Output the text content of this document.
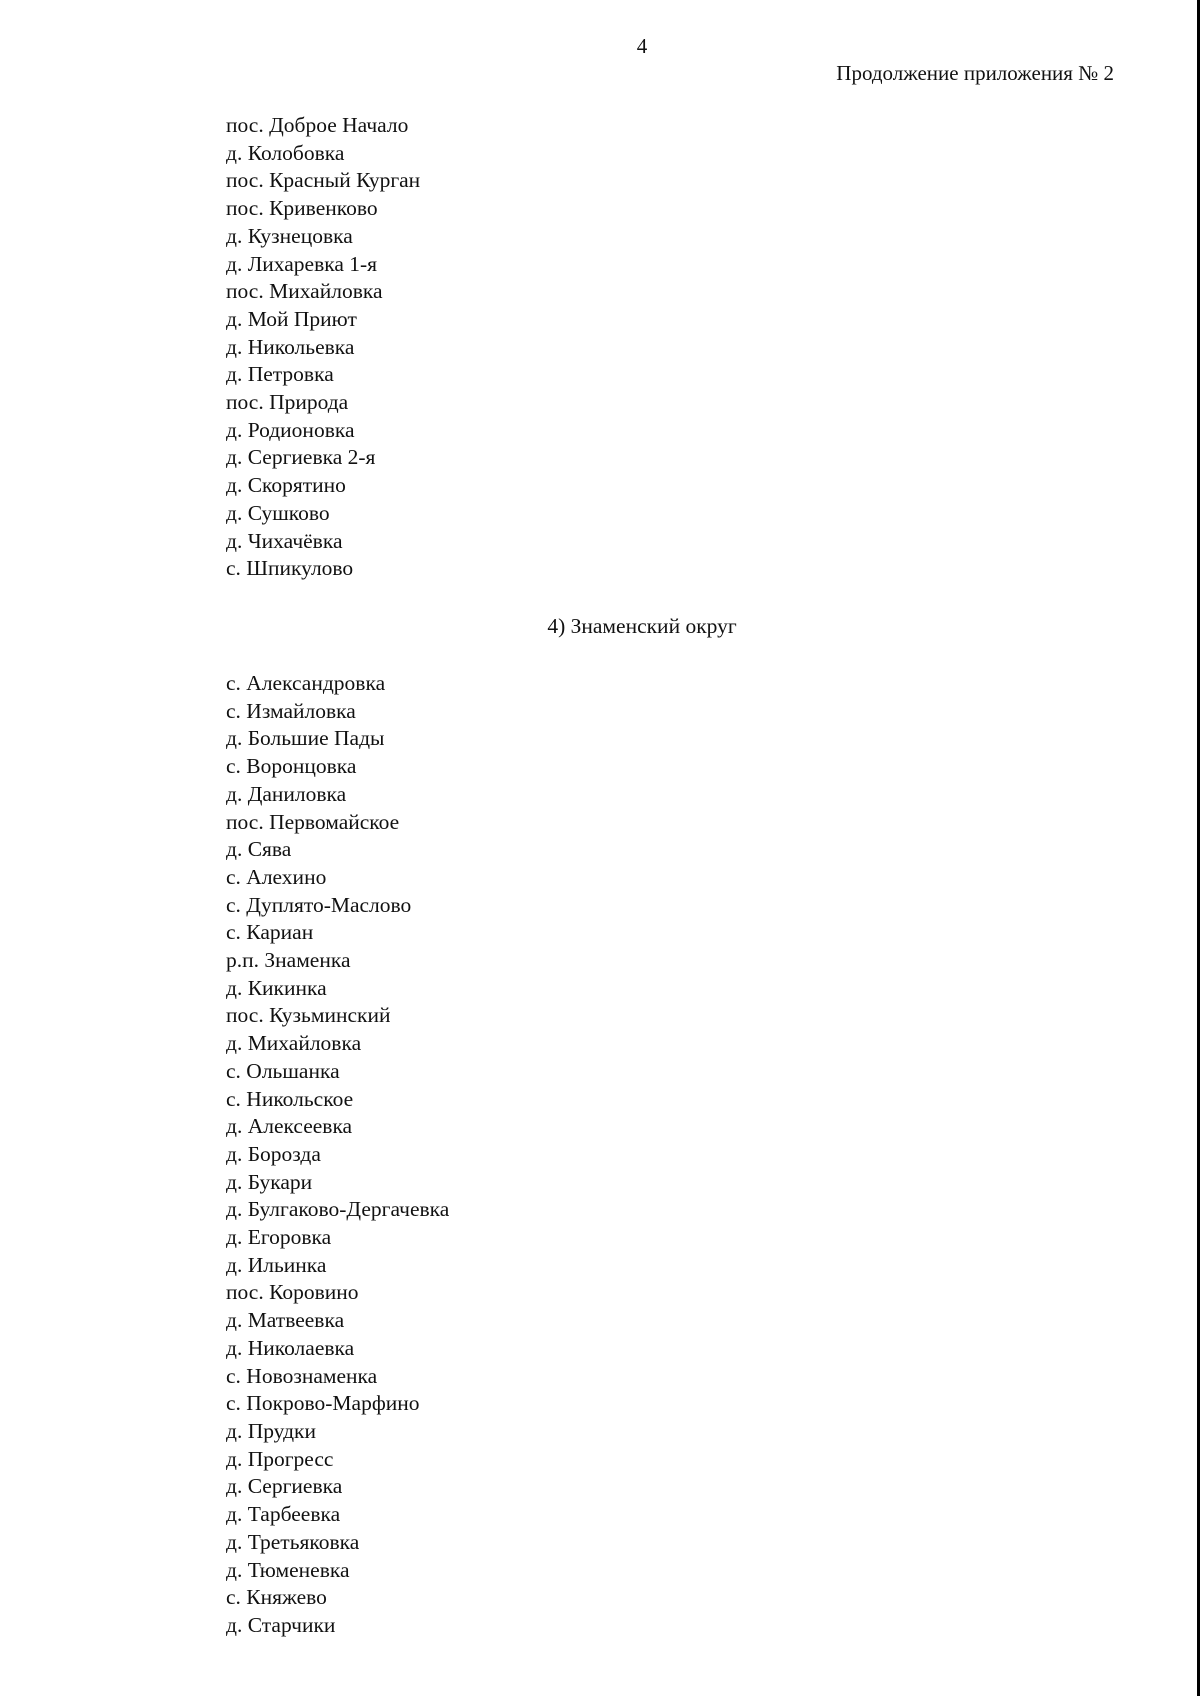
4
Продолжение приложения № 2
пос. Доброе Начало
д. Колобовка
пос. Красный Курган
пос. Кривенково
д. Кузнецовка
д. Лихаревка 1-я
пос. Михайловка
д. Мой Приют
д. Никольевка
д. Петровка
пос. Природа
д. Родионовка
д. Сергиевка 2-я
д. Скорятино
д. Сушково
д. Чихачёвка
с. Шпикулово
4) Знаменский округ
с. Александровка
с. Измайловка
д. Большие Пады
с. Воронцовка
д. Даниловка
пос. Первомайское
д. Сява
с. Алехино
с. Дуплято-Маслово
с. Кариан
р.п. Знаменка
д. Кикинка
пос. Кузьминский
д. Михайловка
с. Ольшанка
с. Никольское
д. Алексеевка
д. Борозда
д. Букари
д. Булгаково-Дергачевка
д. Егоровка
д. Ильинка
пос. Коровино
д. Матвеевка
д. Николаевка
с. Новознаменка
с. Покрово-Марфино
д. Прудки
д. Прогресс
д. Сергиевка
д. Тарбеевка
д. Третьяковка
д. Тюменевка
с. Княжево
д. Старчики
